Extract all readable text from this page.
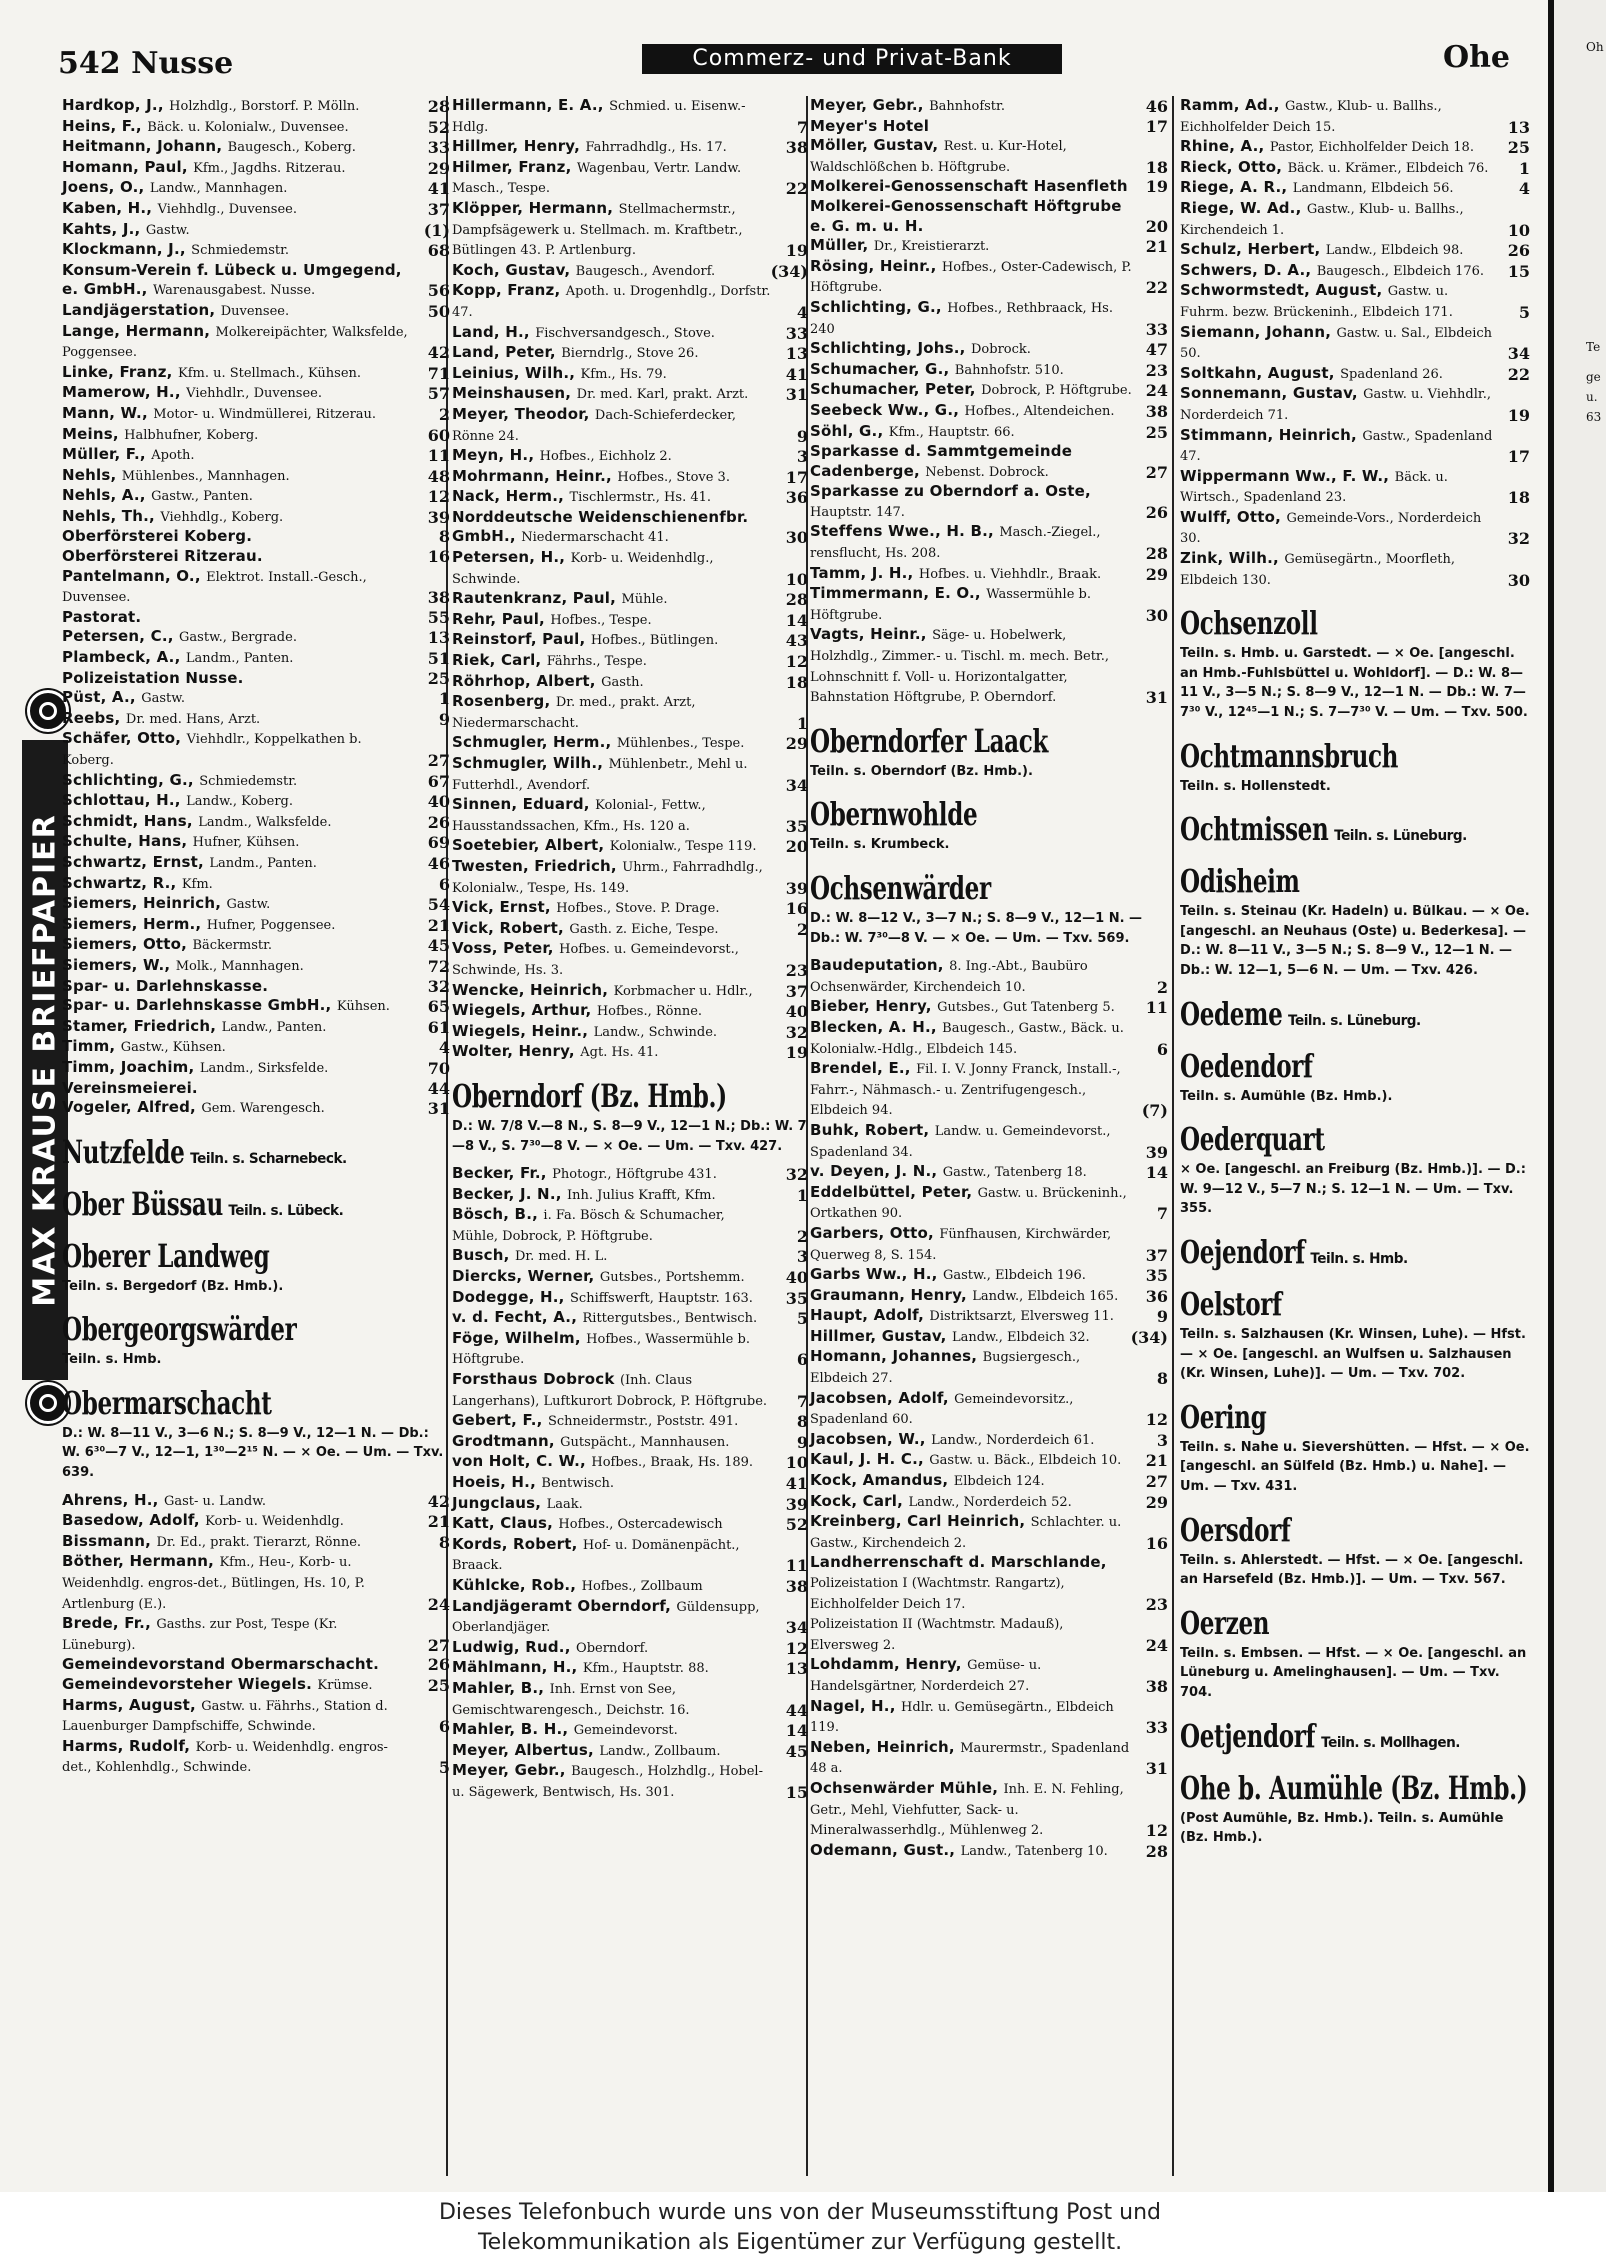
542 Nusse	Commerz- und Privat-Bank	Ohe
MAX KRAUSE BRIEFPAPIER

Hardkop, J., Holzhdlg., Borstorf. P. Mölln.	28

Heins, F., Bäck. u. Kolonialw., Duvensee.	52

Heitmann, Johann, Baugesch., Koberg.	33

Homann, Paul, Kfm., Jagdhs. Ritzerau.	29

Joens, O., Landw., Mannhagen.	41

Kaben, H., Viehhdlg., Duvensee.	37

Kahts, J., Gastw.	(1)

Klockmann, J., Schmiedemstr.	68

Konsum-Verein f. Lübeck u. Umgegend, e. GmbH., Warenausgabest. Nusse.	56

Landjägerstation, Duvensee.	50

Lange, Hermann, Molkereipächter, Walksfelde, Poggensee.	42

Linke, Franz, Kfm. u. Stellmach., Kühsen.	71

Mamerow, H., Viehhdlr., Duvensee.	57

Mann, W., Motor- u. Windmüllerei, Ritzerau.	2

Meins, Halbhufner, Koberg.	60

Müller, F., Apoth.	11

Nehls, Mühlenbes., Mannhagen.	48

Nehls, A., Gastw., Panten.	12

Nehls, Th., Viehhdlg., Koberg.	39

Oberförsterei Koberg.	8

Oberförsterei Ritzerau.	16

Pantelmann, O., Elektrot. Install.-Gesch., Duvensee.	38

Pastorat.	55

Petersen, C., Gastw., Bergrade.	13

Plambeck, A., Landm., Panten.	51

Polizeistation Nusse.	25

Püst, A., Gastw.	1

Reebs, Dr. med. Hans, Arzt.	9

Schäfer, Otto, Viehhdlr., Koppelkathen b. Koberg.	27

Schlichting, G., Schmiedemstr.	67

Schlottau, H., Landw., Koberg.	40

Schmidt, Hans, Landm., Walksfelde.	26

Schulte, Hans, Hufner, Kühsen.	69

Schwartz, Ernst, Landm., Panten.	46

Schwartz, R., Kfm.	6

Siemers, Heinrich, Gastw.	54

Siemers, Herm., Hufner, Poggensee.	21

Siemers, Otto, Bäckermstr.	45

Siemers, W., Molk., Mannhagen.	72

Spar- u. Darlehnskasse.	32

Spar- u. Darlehnskasse GmbH., Kühsen. 65

Stamer, Friedrich, Landw., Panten.	61

Timm, Gastw., Kühsen.	4

Timm, Joachim, Landm., Sirksfelde.	70

Vereinsmeierei.	44

Vogeler, Alfred, Gem. Warengesch.	31

Nutzfelde Teiln. s. Scharnebeck.
Ober Büssau Teiln. s. Lübeck.
Oberer Landweg
Teiln. s. Bergedorf (Bz. Hmb.).
Obergeorgswärder
Teiln. s. Hmb.
Obermarschacht
D.: W. 8—11 V., 3—6 N.; S. 8—9 V., 12—1 N. — Db.: W. 6³⁰—7 V., 12—1, 1³⁰—2¹⁵ N. — × Oe. — Um. — Txv. 639.

Ahrens, H., Gast- u. Landw.	42

Basedow, Adolf, Korb- u. Weidenhdlg.	21

Bissmann, Dr. Ed., prakt. Tierarzt, Rönne.	8

Böther, Hermann, Kfm., Heu-, Korb- u. Weidenhdlg. engros-det., Bütlingen, Hs. 10, P. Artlenburg (E.).	24

Brede, Fr., Gasths. zur Post, Tespe (Kr. Lüneburg).	27

Gemeindevorstand Obermarschacht.	26

Gemeindevorsteher Wiegels. Krümse.	25

Harms, August, Gastw. u. Fährhs., Station d. Lauenburger Dampfschiffe, Schwinde.	6

Harms, Rudolf, Korb- u. Weidenhdlg. engros-det., Kohlenhdlg., Schwinde.	5

Hillermann, E. A., Schmied. u. Eisenw.-Hdlg.	7

Hillmer, Henry, Fahrradhdlg., Hs. 17.	38

Hilmer, Franz, Wagenbau, Vertr. Landw. Masch., Tespe.	22

Klöpper, Hermann, Stellmachermstr., Dampfsägewerk u. Stellmach. m. Kraftbetr., Bütlingen 43. P. Artlenburg.	19

Koch, Gustav, Baugesch., Avendorf.	(34)

Kopp, Franz, Apoth. u. Drogenhdlg., Dorfstr. 47.	4

Land, H., Fischversandgesch., Stove.	33

Land, Peter, Bierndrlg., Stove 26.	13

Leinius, Wilh., Kfm., Hs. 79.	41

Meinshausen, Dr. med. Karl, prakt. Arzt. 31

Meyer, Theodor, Dach-Schieferdecker, Rönne 24.	9

Meyn, H., Hofbes., Eichholz 2.	3

Mohrmann, Heinr., Hofbes., Stove 3.	17

Nack, Herm., Tischlermstr., Hs. 41.	36

Norddeutsche Weidenschienenfbr. GmbH., Niedermarschacht 41.	30

Petersen, H., Korb- u. Weidenhdlg., Schwinde.	10

Rautenkranz, Paul, Mühle.	28

Rehr, Paul, Hofbes., Tespe.	14

Reinstorf, Paul, Hofbes., Bütlingen.	43

Riek, Carl, Fährhs., Tespe.	12

Röhrhop, Albert, Gasth.	18

Rosenberg, Dr. med., prakt. Arzt, Niedermarschacht.	1

Schmugler, Herm., Mühlenbes., Tespe.	29

Schmugler, Wilh., Mühlenbetr., Mehl u. Futterhdl., Avendorf.	34

Sinnen, Eduard, Kolonial-, Fettw., Hausstandssachen, Kfm., Hs. 120 a.	35

Soetebier, Albert, Kolonialw., Tespe 119. 20

Twesten, Friedrich, Uhrm., Fahrradhdlg., Kolonialw., Tespe, Hs. 149.	39

Vick, Ernst, Hofbes., Stove. P. Drage.	16

Vick, Robert, Gasth. z. Eiche, Tespe.	2

Voss, Peter, Hofbes. u. Gemeindevorst., Schwinde, Hs. 3.	23

Wencke, Heinrich, Korbmacher u. Hdlr., 37

Wiegels, Arthur, Hofbes., Rönne.	40

Wiegels, Heinr., Landw., Schwinde.	32

Wolter, Henry, Agt. Hs. 41.	19

Oberndorf (Bz. Hmb.)
D.: W. 7/8 V.—8 N., S. 8—9 V., 12—1 N.; Db.: W. 7—8 V., S. 7³⁰—8 V. — × Oe. — Um. — Txv. 427.

Becker, Fr., Photogr., Höftgrube 431.	32

Becker, J. N., Inh. Julius Krafft, Kfm.	1

Bösch, B., i. Fa. Bösch & Schumacher, Mühle, Dobrock, P. Höftgrube.	2

Busch, Dr. med. H. L.	3

Diercks, Werner, Gutsbes., Portshemm.	40

Dodegge, H., Schiffswerft, Hauptstr. 163. 35

v. d. Fecht, A., Rittergutsbes., Bentwisch. 5

Föge, Wilhelm, Hofbes., Wassermühle b. Höftgrube.	6

Forsthaus Dobrock (Inh. Claus Langerhans), Luftkurort Dobrock, P. Höftgrube. 7

Gebert, F., Schneidermstr., Poststr. 491.	8

Grodtmann, Gutspächt., Mannhausen.	9

von Holt, C. W., Hofbes., Braak, Hs. 189. 10

Hoeis, H., Bentwisch.	41

Jungclaus, Laak.	39

Katt, Claus, Hofbes., Ostercadewisch	52

Kords, Robert, Hof- u. Domänenpächt., Braack.	11

Kühlcke, Rob., Hofbes., Zollbaum	38

Landjägeramt Oberndorf, Güldensupp, Oberlandjäger.	34

Ludwig, Rud., Oberndorf.	12

Mählmann, H., Kfm., Hauptstr. 88.	13

Mahler, B., Inh. Ernst von See, Gemischtwarengesch., Deichstr. 16.	44

Mahler, B. H., Gemeindevorst.	14

Meyer, Albertus, Landw., Zollbaum.	45

Meyer, Gebr., Baugesch., Holzhdlg., Hobel- u. Sägewerk, Bentwisch, Hs. 301.	15

Meyer, Gebr., Bahnhofstr.	46

Meyer's Hotel	17

Möller, Gustav, Rest. u. Kur-Hotel, Waldschlößchen b. Höftgrube.	18

Molkerei-Genossenschaft Hasenfleth 19

Molkerei-Genossenschaft Höftgrube e. G. m. u. H.	20

Müller, Dr., Kreistierarzt.	21

Rösing, Heinr., Hofbes., Oster-Cadewisch, P. Höftgrube.	22

Schlichting, G., Hofbes., Rethbraack, Hs. 240	33

Schlichting, Johs., Dobrock.	47

Schumacher, G., Bahnhofstr. 510.	23

Schumacher, Peter, Dobrock, P. Höftgrube. 24

Seebeck Ww., G., Hofbes., Altendeichen. 38

Söhl, G., Kfm., Hauptstr. 66.	25

Sparkasse d. Sammtgemeinde Cadenberge, Nebenst. Dobrock.	27

Sparkasse zu Oberndorf a. Oste, Hauptstr. 147.	26

Steffens Wwe., H. B., Masch.-Ziegel., rensflucht, Hs. 208.	28

Tamm, J. H., Hofbes. u. Viehhdlr., Braak.	29

Timmermann, E. O., Wassermühle b. Höftgrube.	30

Vagts, Heinr., Säge- u. Hobelwerk, Holzhdlg., Zimmer.- u. Tischl. m. mech. Betr., Lohnschnitt f. Voll- u. Horizontalgatter, Bahnstation Höftgrube, P. Oberndorf.	31

Oberndorfer Laack
Teiln. s. Oberndorf (Bz. Hmb.).
Obernwohlde
Teiln. s. Krumbeck.
Ochsenwärder
D.: W. 8—12 V., 3—7 N.; S. 8—9 V., 12—1 N. — Db.: W. 7³⁰—8 V. — × Oe. — Um. — Txv. 569.

Baudeputation, 8. Ing.-Abt., Baubüro Ochsenwärder, Kirchendeich 10.	2

Bieber, Henry, Gutsbes., Gut Tatenberg 5. 11

Blecken, A. H., Baugesch., Gastw., Bäck. u. Kolonialw.-Hdlg., Elbdeich 145.	6

Brendel, E., Fil. I. V. Jonny Franck, Install.-, Fahrr.-, Nähmasch.- u. Zentrifugengesch., Elbdeich 94.	(7)

Buhk, Robert, Landw. u. Gemeindevorst., Spadenland 34.	39

v. Deyen, J. N., Gastw., Tatenberg 18.	14

Eddelbüttel, Peter, Gastw. u. Brückeninh., Ortkathen 90.	7

Garbers, Otto, Fünfhausen, Kirchwärder, Querweg 8, S. 154.	37

Garbs Ww., H., Gastw., Elbdeich 196.	35

Graumann, Henry, Landw., Elbdeich 165. 36

Haupt, Adolf, Distriktsarzt, Elversweg 11.	9

Hillmer, Gustav, Landw., Elbdeich 32.	(34)

Homann, Johannes, Bugsiergesch., Elbdeich 27.	8

Jacobsen, Adolf, Gemeindevorsitz., Spadenland 60.	12

Jacobsen, W., Landw., Norderdeich 61.	3

Kaul, J. H. C., Gastw. u. Bäck., Elbdeich 10. 21

Kock, Amandus, Elbdeich 124.	27

Kock, Carl, Landw., Norderdeich 52.	29

Kreinberg, Carl Heinrich, Schlachter. u. Gastw., Kirchendeich 2.	16

Landherrenschaft d. Marschlande, Polizeistation I (Wachtmstr. Rangartz), Eichholfelder Deich 17.	23

Polizeistation II (Wachtmstr. Madauß), Elversweg 2.	24

Lohdamm, Henry, Gemüse- u. Handelsgärtner, Norderdeich 27.	38

Nagel, H., Hdlr. u. Gemüsegärtn., Elbdeich 119.	33

Neben, Heinrich, Maurermstr., Spadenland 48 a.	31

Ochsenwärder Mühle, Inh. E. N. Fehling, Getr., Mehl, Viehfutter, Sack- u. Mineralwasserhdlg., Mühlenweg 2.	12

Odemann, Gust., Landw., Tatenberg 10. 28

Ramm, Ad., Gastw., Klub- u. Ballhs., Eichholfelder Deich 15.	13

Rhine, A., Pastor, Eichholfelder Deich 18. 25

Rieck, Otto, Bäck. u. Krämer., Elbdeich 76. 1

Riege, A. R., Landmann, Elbdeich 56.	4

Riege, W. Ad., Gastw., Klub- u. Ballhs., Kirchendeich 1.	10

Schulz, Herbert, Landw., Elbdeich 98.	26

Schwers, D. A., Baugesch., Elbdeich 176. 15

Schwormstedt, August, Gastw. u. Fuhrm. bezw. Brückeninh., Elbdeich 171.	5

Siemann, Johann, Gastw. u. Sal., Elbdeich 50.	34

Soltkahn, August, Spadenland 26.	22

Sonnemann, Gustav, Gastw. u. Viehhdlr., Norderdeich 71.	19

Stimmann, Heinrich, Gastw., Spadenland 47.	17

Wippermann Ww., F. W., Bäck. u. Wirtsch., Spadenland 23.	18

Wulff, Otto, Gemeinde-Vors., Norderdeich 30.	32

Zink, Wilh., Gemüsegärtn., Moorfleth, Elbdeich 130.	30

Ochsenzoll
Teiln. s. Hmb. u. Garstedt. — × Oe. [angeschl. an Hmb.-Fuhlsbüttel u. Wohldorf]. — D.: W. 8—11 V., 3—5 N.; S. 8—9 V., 12—1 N. — Db.: W. 7—7³⁰ V., 12⁴⁵—1 N.; S. 7—7³⁰ V. — Um. — Txv. 500.
Ochtmannsbruch
Teiln. s. Hollenstedt.
Ochtmissen Teiln. s. Lüneburg.
Odisheim
Teiln. s. Steinau (Kr. Hadeln) u. Bülkau. — × Oe. [angeschl. an Neuhaus (Oste) u. Bederkesa]. — D.: W. 8—11 V., 3—5 N.; S. 8—9 V., 12—1 N. — Db.: W. 12—1, 5—6 N. — Um. — Txv. 426.
Oedeme Teiln. s. Lüneburg.
Oedendorf
Teiln. s. Aumühle (Bz. Hmb.).
Oederquart
× Oe. [angeschl. an Freiburg (Bz. Hmb.)]. — D.: W. 9—12 V., 5—7 N.; S. 12—1 N. — Um. — Txv. 355.
Oejendorf Teiln. s. Hmb.
Oelstorf
Teiln. s. Salzhausen (Kr. Winsen, Luhe). — Hfst. — × Oe. [angeschl. an Wulfsen u. Salzhausen (Kr. Winsen, Luhe)]. — Um. — Txv. 702.
Oering
Teiln. s. Nahe u. Sievershütten. — Hfst. — × Oe. [angeschl. an Sülfeld (Bz. Hmb.) u. Nahe]. — Um. — Txv. 431.
Oersdorf
Teiln. s. Ahlerstedt. — Hfst. — × Oe. [angeschl. an Harsefeld (Bz. Hmb.)]. — Um. — Txv. 567.
Oerzen
Teiln. s. Embsen. — Hfst. — × Oe. [angeschl. an Lüneburg u. Amelinghausen]. — Um. — Txv. 704.
Oetjendorf Teiln. s. Mollhagen.
Ohe b. Aumühle (Bz. Hmb.)
(Post Aumühle, Bz. Hmb.). Teiln. s. Aumühle (Bz. Hmb.).
Oh
Te
ge
u.
63
Dieses Telefonbuch wurde uns von der Museumsstiftung Post und
Telekommunikation als Eigentümer zur Verfügung gestellt.
